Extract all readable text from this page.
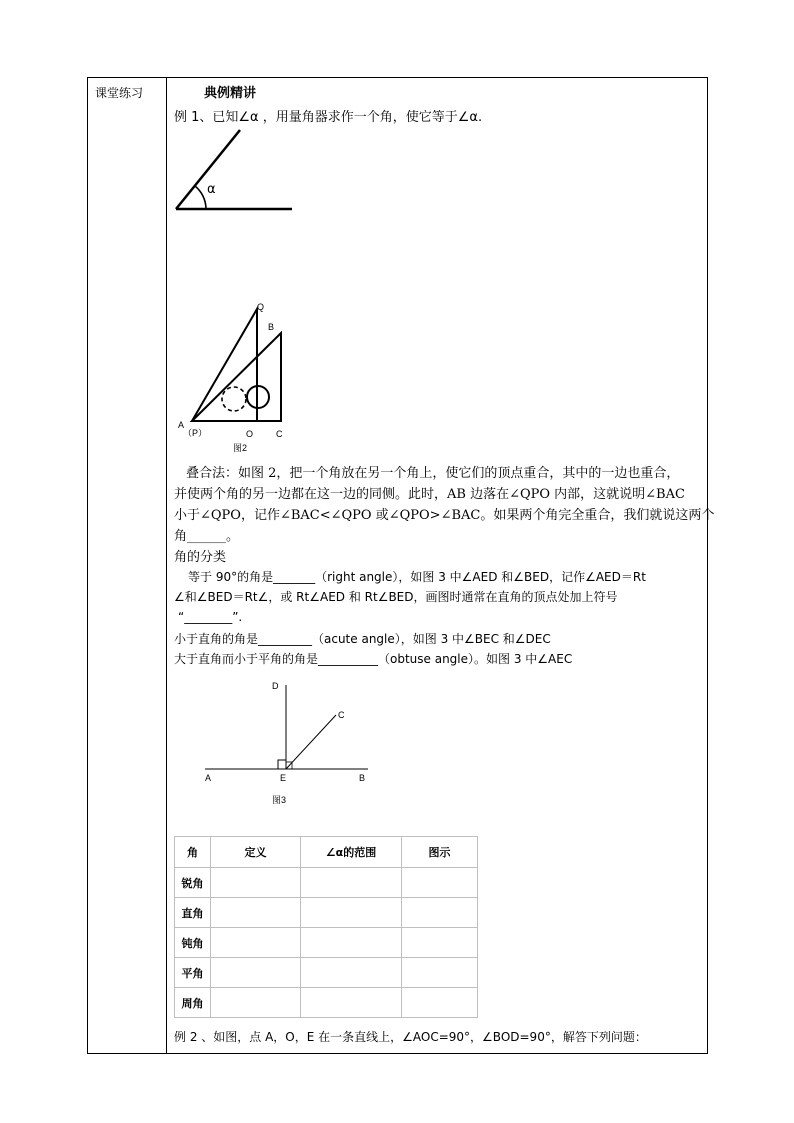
课堂练习	典例精讲
例 1、已知∠α ，用量角器求作一个角，使它等于∠α.
α
Q
B
A
（P）	O	C
图2
叠合法：如图 2，把一个角放在另一个角上，使它们的顶点重合，其中的一边也重合，
并使两个角的另一边都在这一边的同侧。此时，AB 边落在∠QPO 内部，这就说明∠BAC
小于∠QPO，记作∠BAC<∠QPO 或∠QPO>∠BAC。如果两个角完全重合，我们就说这两个
角______。
角的分类
等于 90°的角是_______（right angle），如图 3 中∠AED 和∠BED，记作∠AED＝Rt
∠和∠BED＝Rt∠，或 Rt∠AED 和 Rt∠BED，画图时通常在直角的顶点处加上符号
“________”.
小于直角的角是_________（acute angle），如图 3 中∠BEC 和∠DEC
大于直角而小于平角的角是__________（obtuse angle）。如图 3 中∠AEC
D
C
A	E	B
图3
角	定义	∠α的范围	图示
锐角			
直角			
钝角			
平角			
周角			
例 2 、如图，点 A，O，E 在一条直线上，∠AOC=90°，∠BOD=90°，解答下列问题：
